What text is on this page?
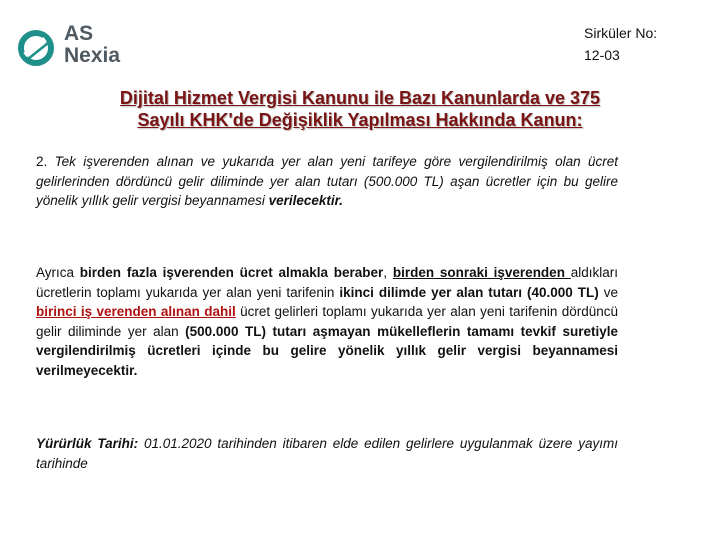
AS
Nexia
Sirküler No:
12-03
Dijital Hizmet Vergisi Kanunu ile Bazı Kanunlarda ve 375
Sayılı KHK'de Değişiklik Yapılması Hakkında Kanun:
2. Tek işverenden alınan ve yukarıda yer alan yeni tarifeye göre vergilendirilmiş olan ücret gelirlerinden dördüncü gelir diliminde yer alan tutarı (500.000 TL) aşan ücretler için bu gelire yönelik yıllık gelir vergisi beyannamesi verilecektir.
Ayrıca birden fazla işverenden ücret almakla beraber, birden sonraki işverenden aldıkları ücretlerin toplamı yukarıda yer alan yeni tarifenin ikinci dilimde yer alan tutarı (40.000 TL) ve birinci iş verenden alınan dahil ücret gelirleri toplamı yukarıda yer alan yeni tarifenin dördüncü gelir diliminde yer alan (500.000 TL) tutarı aşmayan mükelleflerin tamamı tevkif suretiyle vergilendirilmiş ücretleri içinde bu gelire yönelik yıllık gelir vergisi beyannamesi verilmeyecektir.
Yürürlük Tarihi: 01.01.2020 tarihinden itibaren elde edilen gelirlere uygulanmak üzere yayımı tarihinde
